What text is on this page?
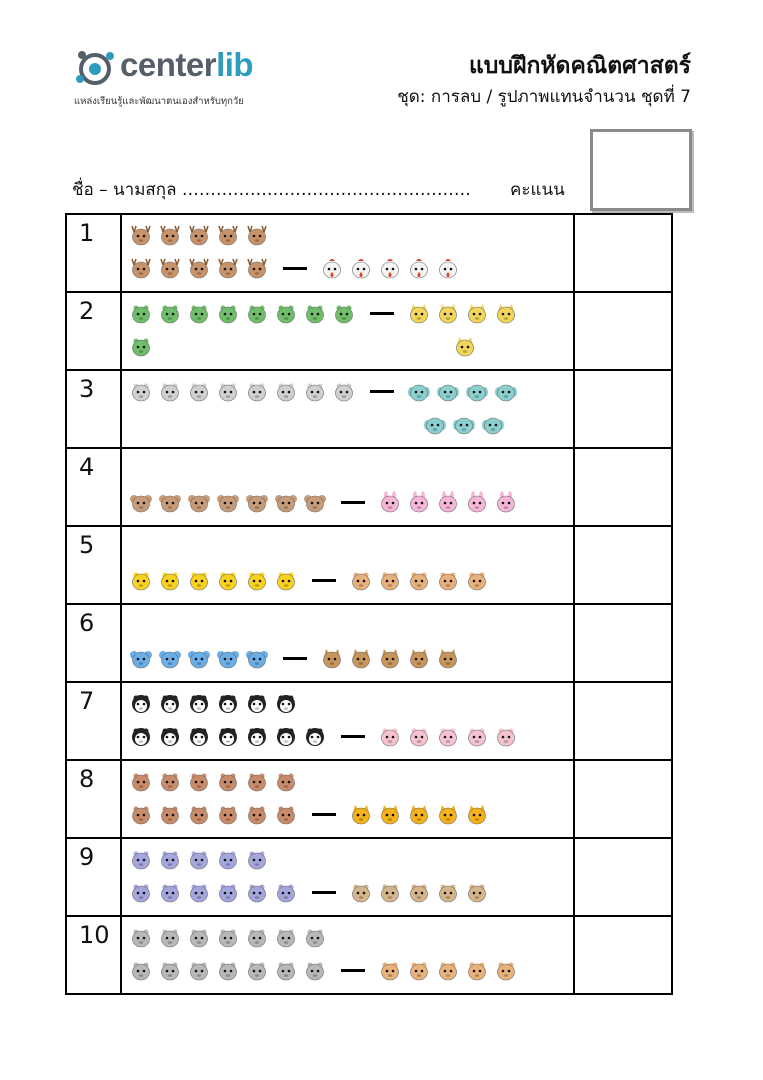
centerlib
แหล่งเรียนรู้และพัฒนาตนเองสำหรับทุกวัย
แบบฝึกหัดคณิตศาสตร์
ชุด: การลบ / รูปภาพแทนจำนวน ชุดที่ 7
ชื่อ – นามสกุล …………………………………………… คะแนน
1	

2	

3	

4	

5	

6	

7	

8	

9	

10	
